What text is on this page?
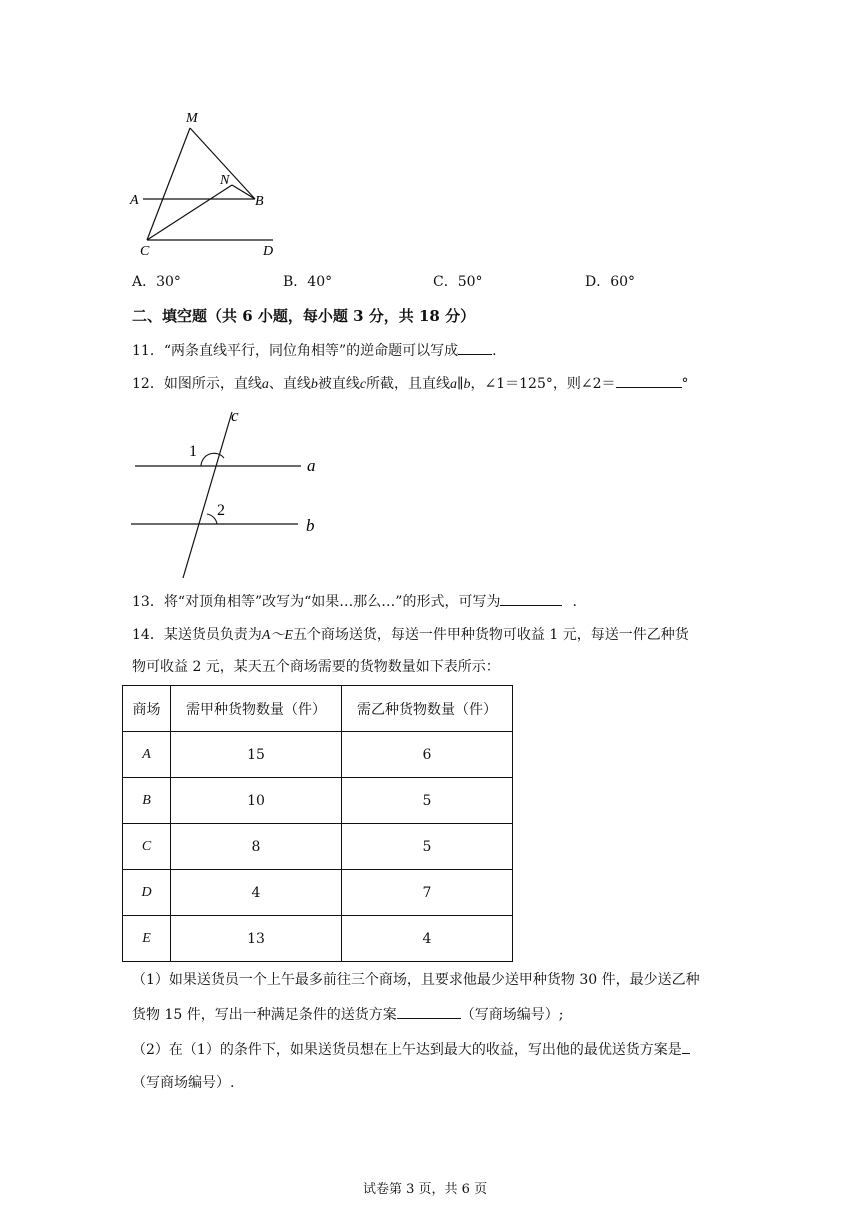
M
N
A	B
C	D
A．30°	B．40°	C．50°	D．60°
二、填空题（共 6 小题，每小题 3 分，共 18 分）
11．“两条直线平行，同位角相等”的逆命题可以写成 .
12．如图所示，直线a、直线b被直线c所截，且直线a∥b，∠1＝125°，则∠2＝	°
c
a
b
1
2
13．将“对顶角相等”改写为“如果…那么…”的形式，可写为	.
14．某送货员负责为A～E五个商场送货，每送一件甲种货物可收益 1 元，每送一件乙种货
物可收益 2 元，某天五个商场需要的货物数量如下表所示：
商场	需甲种货物数量（件）	需乙种货物数量（件）
A	15	6
B	10	5
C	8	5
D	4	7
E	13	4
（1）如果送货员一个上午最多前往三个商场，且要求他最少送甲种货物 30 件，最少送乙种
货物 15 件，写出一种满足条件的送货方案	（写商场编号）;
（2）在（1）的条件下，如果送货员想在上午达到最大的收益，写出他的最优送货方案是
（写商场编号）.
试卷第 3 页，共 6 页
